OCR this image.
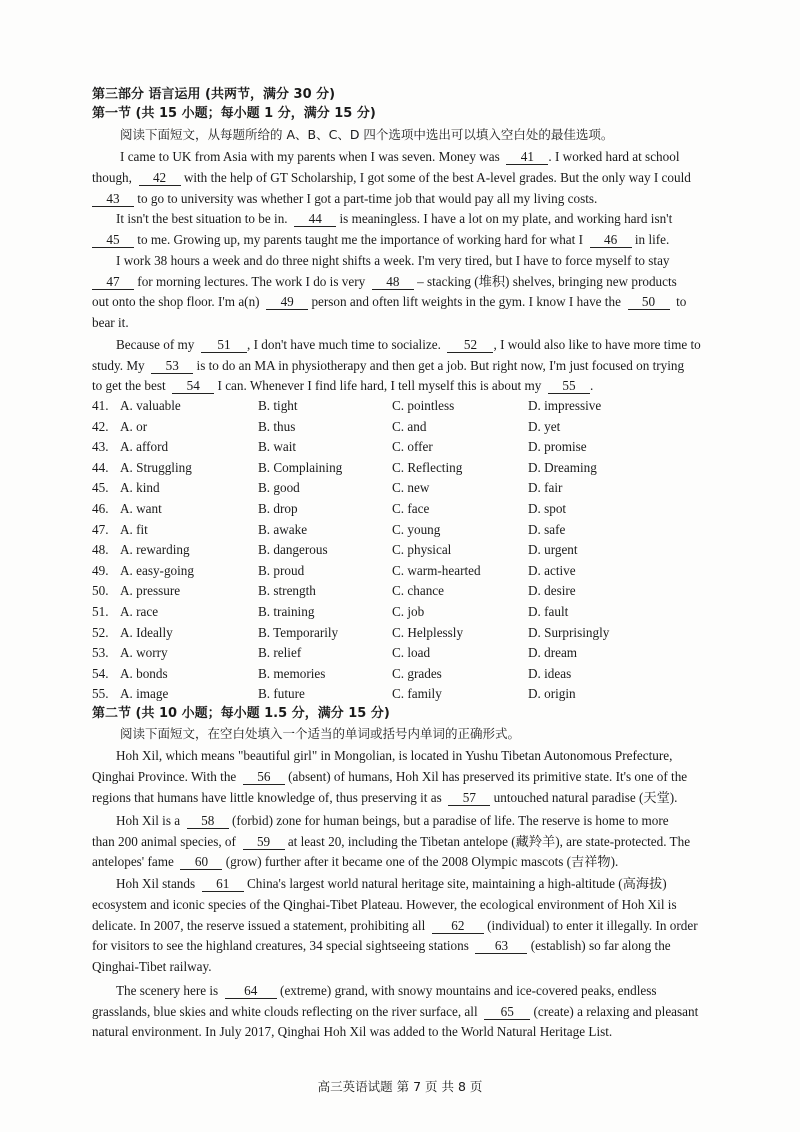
第三部分 语言运用 (共两节，满分 30 分)
第一节 (共 15 小题；每小题 1 分，满分 15 分)
阅读下面短文，从每题所给的 A、B、C、D 四个选项中选出可以填入空白处的最佳选项。
I came to UK from Asia with my parents when I was seven. Money was 41 . I worked hard at school
though, 42 with the help of GT Scholarship, I got some of the best A-level grades. But the only way I could
43 to go to university was whether I got a part-time job that would pay all my living costs.
It isn't the best situation to be in. 44 is meaningless. I have a lot on my plate, and working hard isn't
45 to me. Growing up, my parents taught me the importance of working hard for what I 46 in life.
I work 38 hours a week and do three night shifts a week. I'm very tired, but I have to force myself to stay
47 for morning lectures. The work I do is very 48 – stacking (堆积) shelves, bringing new products
out onto the shop floor. I'm a(n) 49 person and often lift weights in the gym. I know I have the 50 to
bear it.
Because of my 51 , I don't have much time to socialize. 52 , I would also like to have more time to
study. My 53 is to do an MA in physiotherapy and then get a job. But right now, I'm just focused on trying
to get the best 54 I can. Whenever I find life hard, I tell myself this is about my 55 .
41. A. valuable	B. tight	C. pointless	D. impressive
42. A. or	B. thus	C. and	D. yet
43. A. afford	B. wait	C. offer	D. promise
44. A. Struggling	B. Complaining	C. Reflecting	D. Dreaming
45. A. kind	B. good	C. new	D. fair
46. A. want	B. drop	C. face	D. spot
47. A. fit	B. awake	C. young	D. safe
48. A. rewarding	B. dangerous	C. physical	D. urgent
49. A. easy-going	B. proud	C. warm-hearted	D. active
50. A. pressure	B. strength	C. chance	D. desire
51. A. race	B. training	C. job	D. fault
52. A. Ideally	B. Temporarily	C. Helplessly	D. Surprisingly
53. A. worry	B. relief	C. load	D. dream
54. A. bonds	B. memories	C. grades	D. ideas
55. A. image	B. future	C. family	D. origin
第二节 (共 10 小题；每小题 1.5 分，满分 15 分)
阅读下面短文，在空白处填入一个适当的单词或括号内单词的正确形式。
Hoh Xil, which means "beautiful girl" in Mongolian, is located in Yushu Tibetan Autonomous Prefecture,
Qinghai Province. With the 56 (absent) of humans, Hoh Xil has preserved its primitive state. It's one of the
regions that humans have little knowledge of, thus preserving it as 57 untouched natural paradise (天堂).
Hoh Xil is a 58 (forbid) zone for human beings, but a paradise of life. The reserve is home to more
than 200 animal species, of 59 at least 20, including the Tibetan antelope (藏羚羊), are state-protected. The
antelopes' fame 60 (grow) further after it became one of the 2008 Olympic mascots (吉祥物).
Hoh Xil stands 61 China's largest world natural heritage site, maintaining a high-altitude (高海拔)
ecosystem and iconic species of the Qinghai-Tibet Plateau. However, the ecological environment of Hoh Xil is
delicate. In 2007, the reserve issued a statement, prohibiting all 62 (individual) to enter it illegally. In order
for visitors to see the highland creatures, 34 special sightseeing stations 63 (establish) so far along the
Qinghai-Tibet railway.
The scenery here is 64 (extreme) grand, with snowy mountains and ice-covered peaks, endless
grasslands, blue skies and white clouds reflecting on the river surface, all 65 (create) a relaxing and pleasant
natural environment. In July 2017, Qinghai Hoh Xil was added to the World Natural Heritage List.
高三英语试题 第 7 页 共 8 页
